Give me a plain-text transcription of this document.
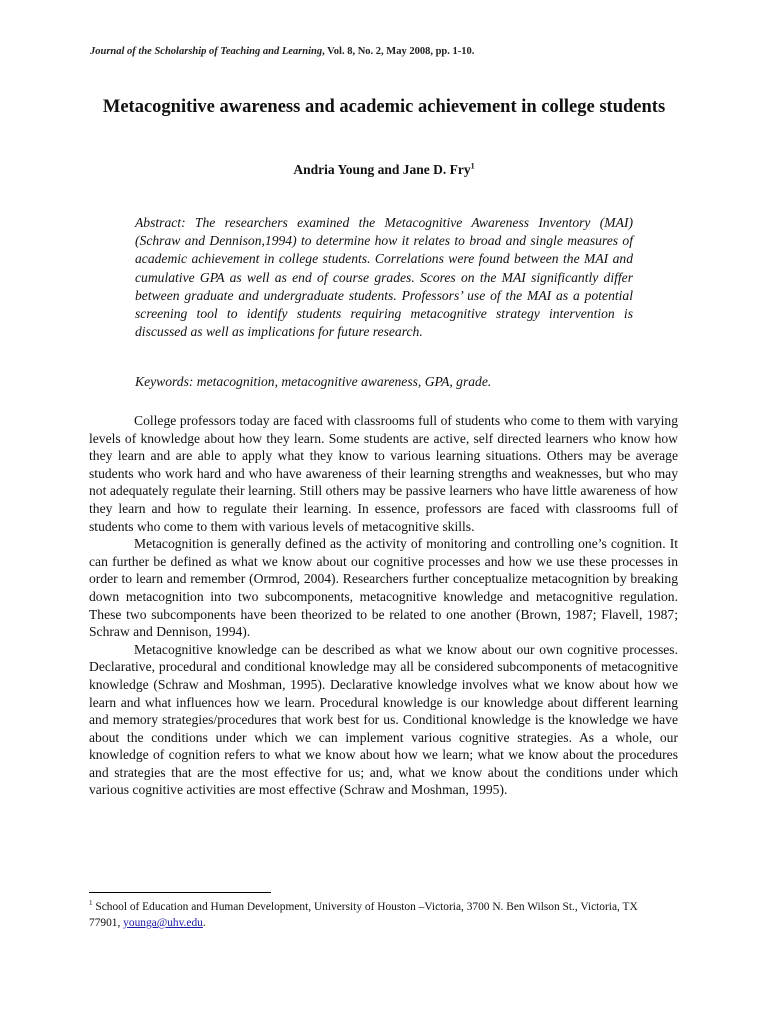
Journal of the Scholarship of Teaching and Learning, Vol. 8, No. 2, May 2008, pp. 1-10.
Metacognitive awareness and academic achievement in college students
Andria Young and Jane D. Fry$^1$
Abstract: The researchers examined the Metacognitive Awareness Inventory (MAI) (Schraw and Dennison,1994) to determine how it relates to broad and single measures of academic achievement in college students. Correlations were found between the MAI and cumulative GPA as well as end of course grades. Scores on the MAI significantly differ between graduate and undergraduate students. Professors’ use of the MAI as a potential screening tool to identify students requiring metacognitive strategy intervention is discussed as well as implications for future research.
Keywords: metacognition, metacognitive awareness, GPA, grade.

College professors today are faced with classrooms full of students who come to them with varying levels of knowledge about how they learn. Some students are active, self directed learners who know how they learn and are able to apply what they know to various learning situations. Others may be average students who work hard and who have awareness of their learning strengths and weaknesses, but who may not adequately regulate their learning. Still others may be passive learners who have little awareness of how they learn and how to regulate their learning. In essence, professors are faced with classrooms full of students who come to them with various levels of metacognitive skills.

Metacognition is generally defined as the activity of monitoring and controlling one’s cognition. It can further be defined as what we know about our cognitive processes and how we use these processes in order to learn and remember (Ormrod, 2004). Researchers further conceptualize metacognition by breaking down metacognition into two subcomponents, metacognitive knowledge and metacognitive regulation. These two subcomponents have been theorized to be related to one another (Brown, 1987; Flavell, 1987; Schraw and Dennison, 1994).

Metacognitive knowledge can be described as what we know about our own cognitive processes. Declarative, procedural and conditional knowledge may all be considered subcomponents of metacognitive knowledge (Schraw and Moshman, 1995). Declarative knowledge involves what we know about how we learn and what influences how we learn. Procedural knowledge is our knowledge about different learning and memory strategies/procedures that work best for us. Conditional knowledge is the knowledge we have about the conditions under which we can implement various cognitive strategies. As a whole, our knowledge of cognition refers to what we know about how we learn; what we know about the procedures and strategies that are the most effective for us; and, what we know about the conditions under which various cognitive activities are most effective (Schraw and Moshman, 1995).

$^1$ School of Education and Human Development, University of Houston –Victoria, 3700 N. Ben Wilson St., Victoria, TX 77901, younga@uhv.edu.
